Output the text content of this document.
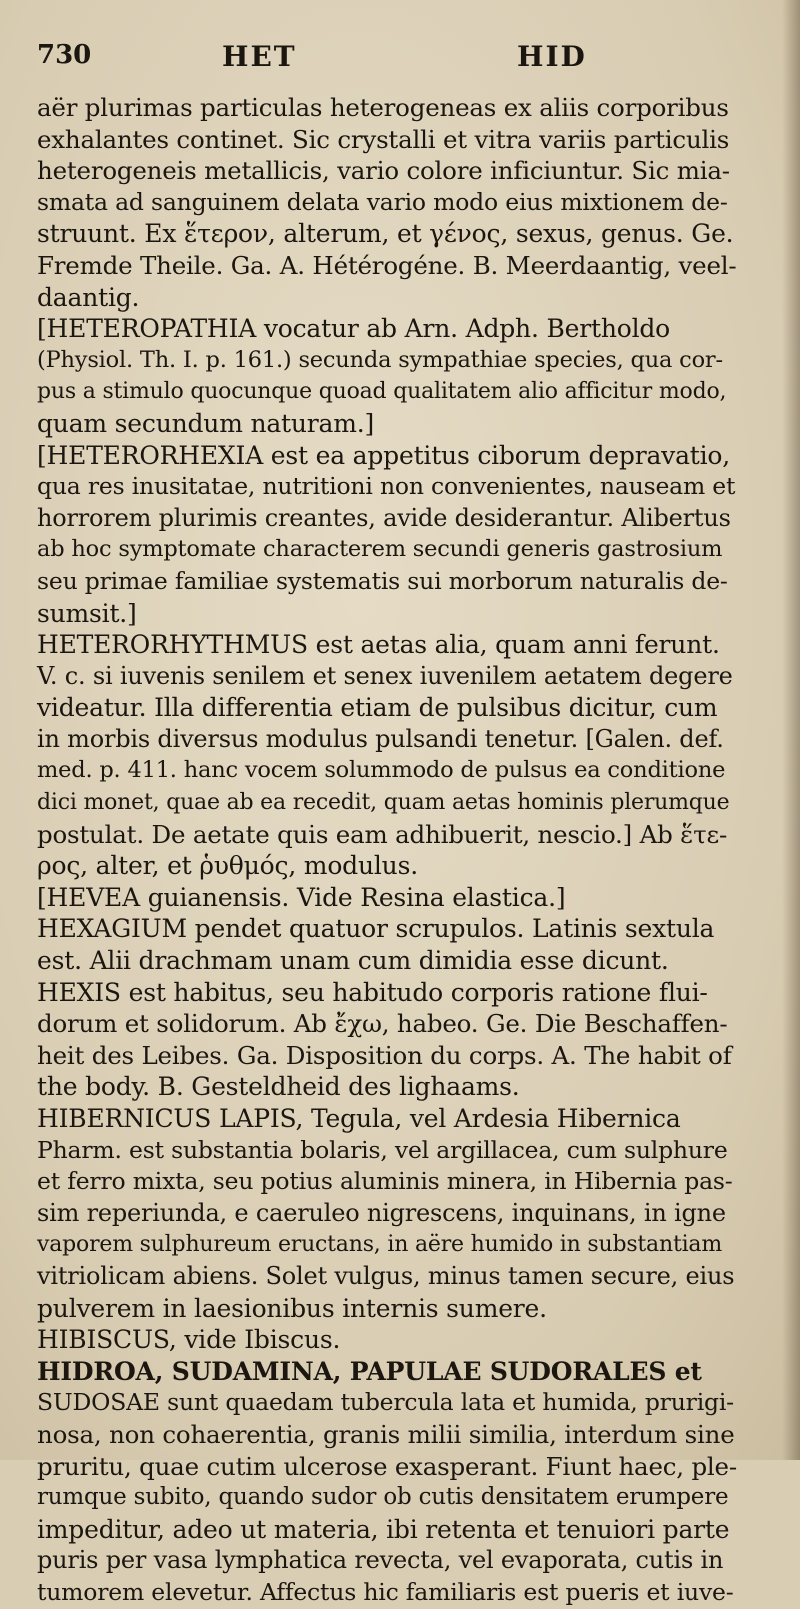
730	HET	HID
aër plurimas particulas heterogeneas ex aliis corporibus
exhalantes continet. Sic crystalli et vitra variis particulis
heterogeneis metallicis, vario colore inficiuntur. Sic mia-
smata ad sanguinem delata vario modo eius mixtionem de-
struunt. Ex ἕτερον, alterum, et γένος, sexus, genus. Ge.
Fremde Theile. Ga. A. Hétérogéne. B. Meerdaantig, veel-
daantig.
[HETEROPATHIA vocatur ab Arn. Adph. Bertholdo
(Physiol. Th. I. p. 161.) secunda sympathiae species, qua cor-
pus a stimulo quocunque quoad qualitatem alio afficitur modo,
quam secundum naturam.]
[HETERORHEXIA est ea appetitus ciborum depravatio,
qua res inusitatae, nutritioni non convenientes, nauseam et
horrorem plurimis creantes, avide desiderantur. Alibertus
ab hoc symptomate characterem secundi generis gastrosium
seu primae familiae systematis sui morborum naturalis de-
sumsit.]
HETERORHYTHMUS est aetas alia, quam anni ferunt.
V. c. si iuvenis senilem et senex iuvenilem aetatem degere
videatur. Illa differentia etiam de pulsibus dicitur, cum
in morbis diversus modulus pulsandi tenetur. [Galen. def.
med. p. 411. hanc vocem solummodo de pulsus ea conditione
dici monet, quae ab ea recedit, quam aetas hominis plerumque
postulat. De aetate quis eam adhibuerit, nescio.] Ab ἕτε-
ρος, alter, et ῥυθμός, modulus.
[HEVEA guianensis. Vide Resina elastica.]
HEXAGIUM pendet quatuor scrupulos. Latinis sextula
est. Alii drachmam unam cum dimidia esse dicunt.
HEXIS est habitus, seu habitudo corporis ratione flui-
dorum et solidorum. Ab ἔχω, habeo. Ge. Die Beschaffen-
heit des Leibes. Ga. Disposition du corps. A. The habit of
the body. B. Gesteldheid des lighaams.
HIBERNICUS LAPIS, Tegula, vel Ardesia Hibernica
Pharm. est substantia bolaris, vel argillacea, cum sulphure
et ferro mixta, seu potius aluminis minera, in Hibernia pas-
sim reperiunda, e caeruleo nigrescens, inquinans, in igne
vaporem sulphureum eructans, in aëre humido in substantiam
vitriolicam abiens. Solet vulgus, minus tamen secure, eius
pulverem in laesionibus internis sumere.
HIBISCUS, vide Ibiscus.
HIDROA, SUDAMINA, PAPULAE SUDORALES et
SUDOSAE sunt quaedam tubercula lata et humida, prurigi-
nosa, non cohaerentia, granis milii similia, interdum sine
pruritu, quae cutim ulcerose exasperant. Fiunt haec, ple-
rumque subito, quando sudor ob cutis densitatem erumpere
impeditur, adeo ut materia, ibi retenta et tenuiori parte
puris per vasa lymphatica revecta, vel evaporata, cutis in
tumorem elevetur. Affectus hic familiaris est pueris et iuve-
